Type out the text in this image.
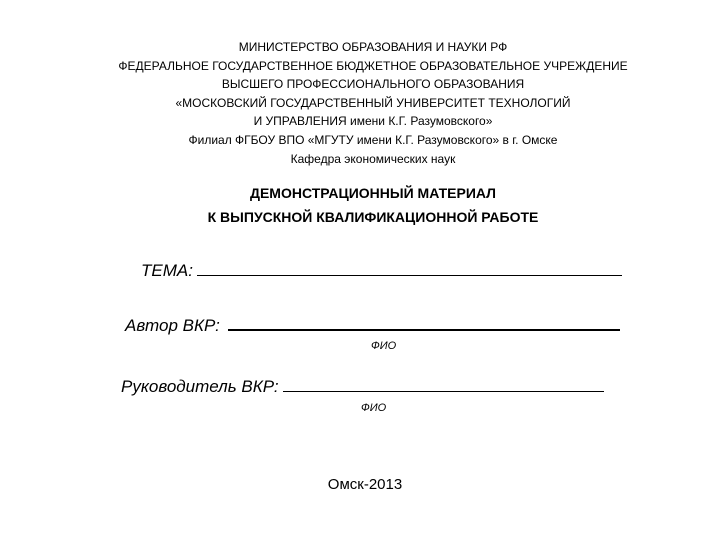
МИНИСТЕРСТВО ОБРАЗОВАНИЯ И НАУКИ РФ
ФЕДЕРАЛЬНОЕ ГОСУДАРСТВЕННОЕ БЮДЖЕТНОЕ ОБРАЗОВАТЕЛЬНОЕ УЧРЕЖДЕНИЕ
ВЫСШЕГО ПРОФЕССИОНАЛЬНОГО ОБРАЗОВАНИЯ
«МОСКОВСКИЙ ГОСУДАРСТВЕННЫЙ УНИВЕРСИТЕТ ТЕХНОЛОГИЙ
И УПРАВЛЕНИЯ имени К.Г. Разумовского»
Филиал ФГБОУ ВПО «МГУТУ имени К.Г. Разумовского» в г. Омске
Кафедра экономических наук
ДЕМОНСТРАЦИОННЫЙ МАТЕРИАЛ
К ВЫПУСКНОЙ КВАЛИФИКАЦИОННОЙ РАБОТЕ
ТЕМА:
Автор ВКР:
ФИО
Руководитель ВКР:
ФИО
Омск-2013
